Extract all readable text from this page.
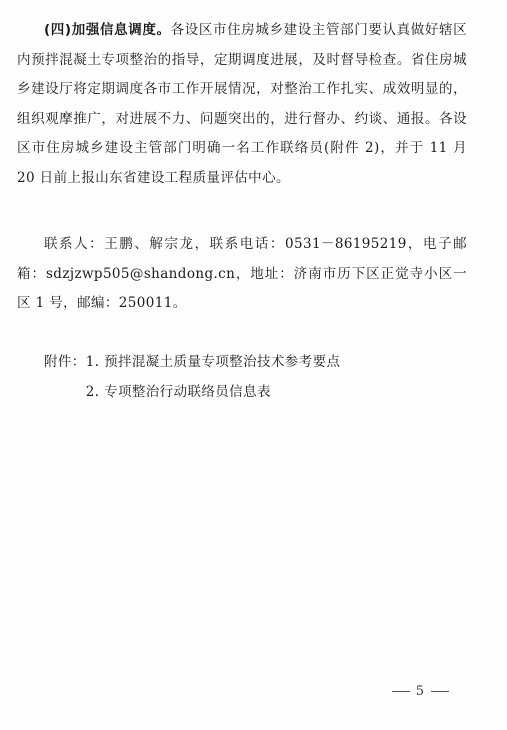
(四)加强信息调度。各设区市住房城乡建设主管部门要认真做好辖区内预拌混凝土专项整治的指导，定期调度进展，及时督导检查。省住房城乡建设厅将定期调度各市工作开展情况，对整治工作扎实、成效明显的，组织观摩推广，对进展不力、问题突出的，进行督办、约谈、通报。各设区市住房城乡建设主管部门明确一名工作联络员(附件 2)，并于 11 月 20 日前上报山东省建设工程质量评估中心。

联系人：王鹏、解宗龙，联系电话：0531－86195219，电子邮箱：sdzjzwp505@shandong.cn，地址：济南市历下区正觉寺小区一区 1 号，邮编：250011。

附件： 1. 预拌混凝土质量专项整治技术参考要点
2. 专项整治行动联络员信息表
5
